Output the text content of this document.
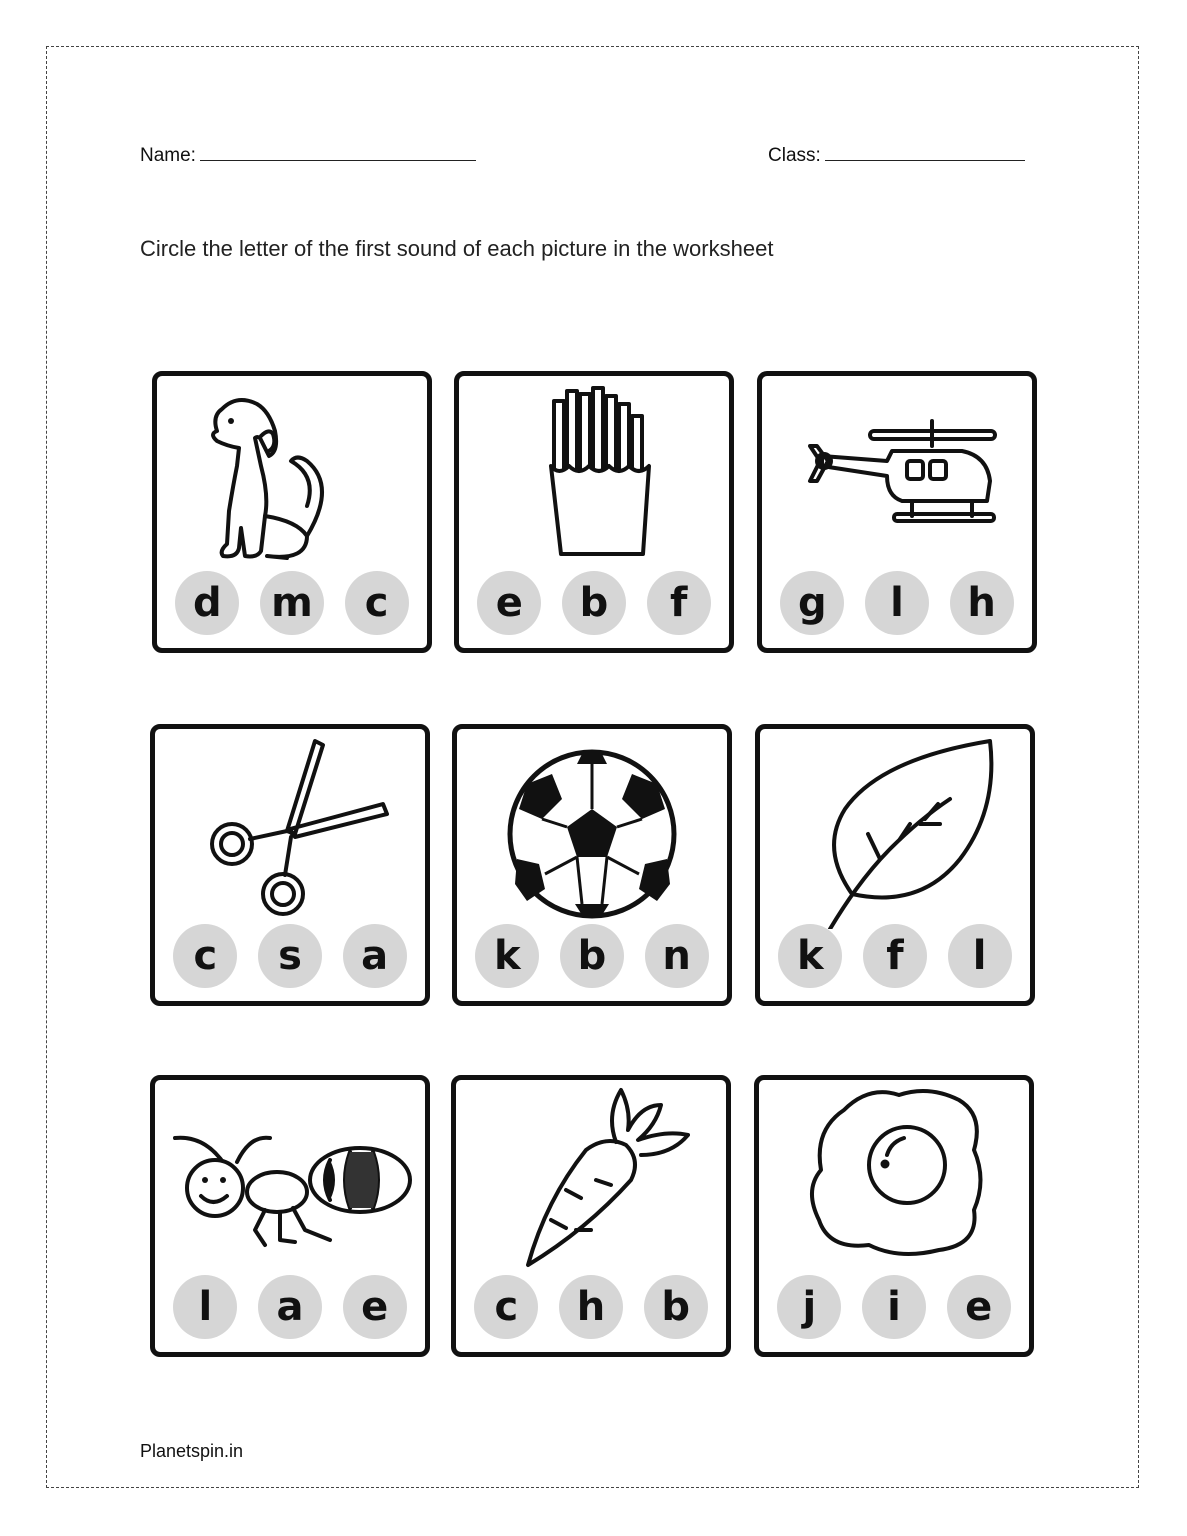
Name:	Class:
Circle the letter of the first sound of each picture in the worksheet
d	m	c	e	b	f	g	l	h
c	s	a	k	b	n	k	f	l
l	a	e	c	h	b	j	i	e
Planetspin.in
